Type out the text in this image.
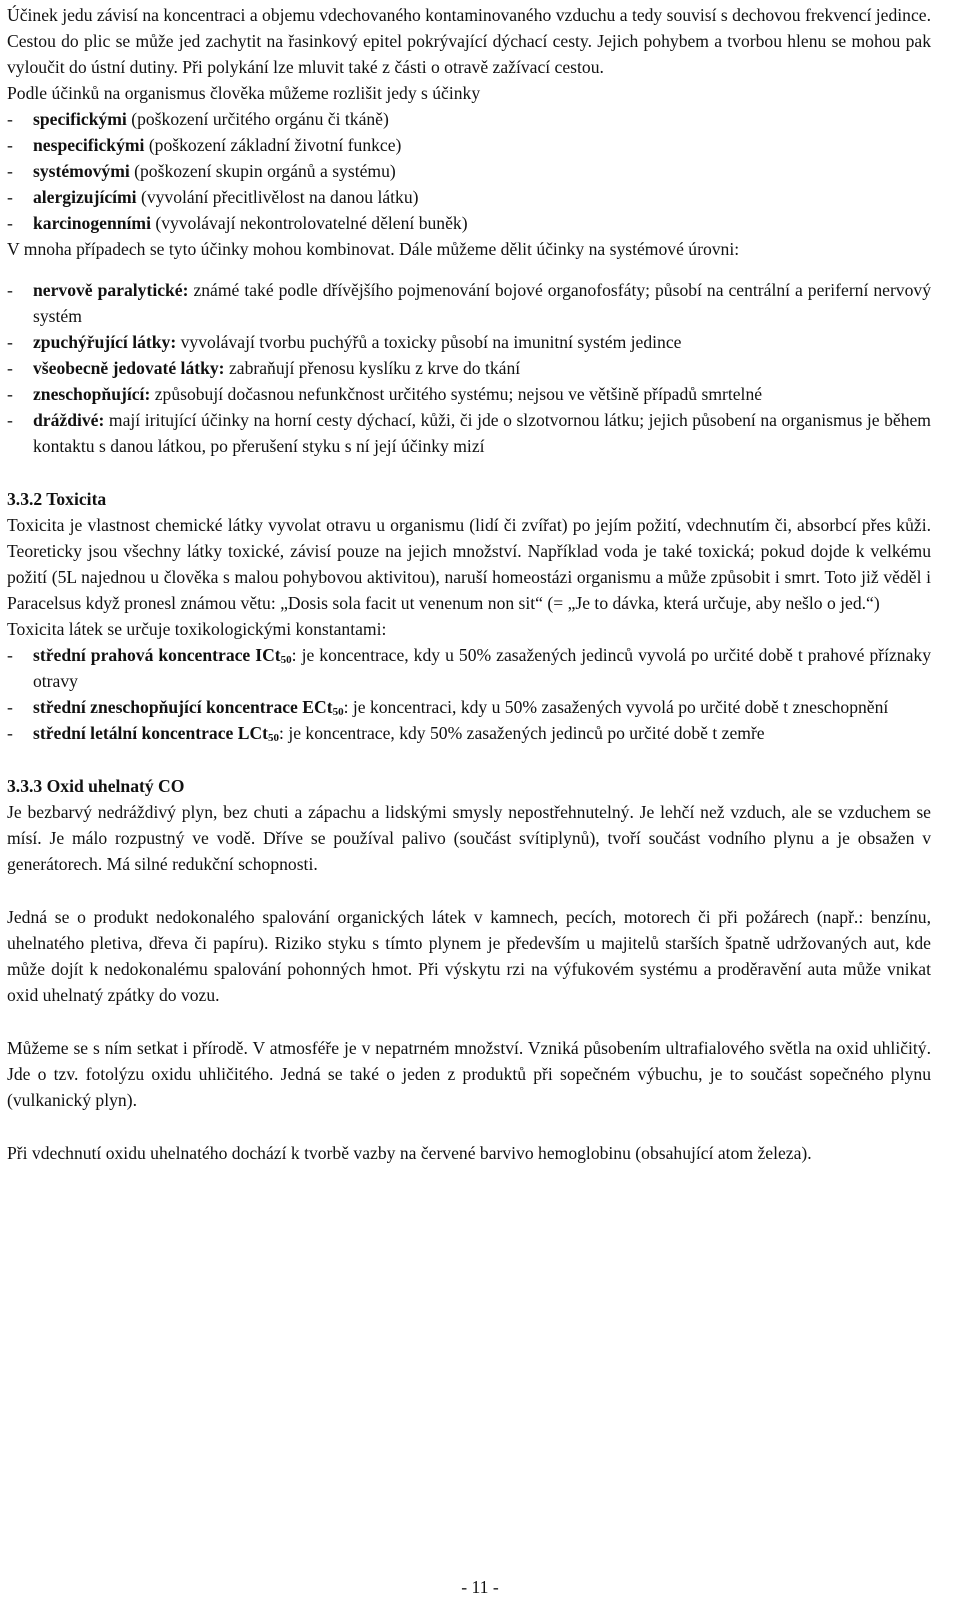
Účinek jedu závisí na koncentraci a objemu vdechovaného kontaminovaného vzduchu a tedy souvisí s dechovou frekvencí jedince. Cestou do plic se může jed zachytit na řasinkový epitel pokrývající dýchací cesty. Jejich pohybem a tvorbou hlenu se mohou pak vyloučit do ústní dutiny. Při polykání lze mluvit také z části o otravě zažívací cestou.

Podle účinků na organismus člověka můžeme rozlišit jedy s účinky

- specifickými (poškození určitého orgánu či tkáně)
- nespecifickými (poškození základní životní funkce)
- systémovými (poškození skupin orgánů a systému)
- alergizujícími (vyvolání přecitlivělost na danou látku)
- karcinogenními (vyvolávají nekontrolovatelné dělení buněk)

V mnoha případech se tyto účinky mohou kombinovat. Dále můžeme dělit účinky na systémové úrovni:

- nervově paralytické: známé také podle dřívějšího pojmenování bojové organofosfáty; působí na centrální a periferní nervový systém
- zpuchýřující látky: vyvolávají tvorbu puchýřů a toxicky působí na imunitní systém jedince
- všeobecně jedovaté látky: zabraňují přenosu kyslíku z krve do tkání
- zneschopňující: způsobují dočasnou nefunkčnost určitého systému; nejsou ve většině případů smrtelné
- dráždivé: mají iritující účinky na horní cesty dýchací, kůži, či jde o slzotvornou látku; jejich působení na organismus je během kontaktu s danou látkou, po přerušení styku s ní její účinky mizí

3.3.2 Toxicita

Toxicita je vlastnost chemické látky vyvolat otravu u organismu (lidí či zvířat) po jejím požití, vdechnutím či, absorbcí přes kůži. Teoreticky jsou všechny látky toxické, závisí pouze na jejich množství. Například voda je také toxická; pokud dojde k velkému požití (5L najednou u člověka s malou pohybovou aktivitou), naruší homeostázi organismu a může způsobit i smrt. Toto již věděl i Paracelsus když pronesl známou větu: „Dosis sola facit ut venenum non sit“ (= „Je to dávka, která určuje, aby nešlo o jed.“)

Toxicita látek se určuje toxikologickými konstantami:

- střední prahová koncentrace ICt$_{50}$: je koncentrace, kdy u 50% zasažených jedinců vyvolá po určité době t prahové příznaky otravy
- střední zneschopňující koncentrace ECt$_{50}$: je koncentraci, kdy u 50% zasažených vyvolá po určité době t zneschopnění
- střední letální koncentrace LCt$_{50}$: je koncentrace, kdy 50% zasažených jedinců po určité době t zemře

3.3.3 Oxid uhelnatý CO

Je bezbarvý nedráždivý plyn, bez chuti a zápachu a lidskými smysly nepostřehnutelný. Je lehčí než vzduch, ale se vzduchem se mísí. Je málo rozpustný ve vodě. Dříve se používal palivo (součást svítiplynů), tvoří součást vodního plynu a je obsažen v generátorech. Má silné redukční schopnosti.

Jedná se o produkt nedokonalého spalování organických látek v kamnech, pecích, motorech či při požárech (např.: benzínu, uhelnatého pletiva, dřeva či papíru). Riziko styku s tímto plynem je především u majitelů starších špatně udržovaných aut, kde může dojít k nedokonalému spalování pohonných hmot. Při výskytu rzi na výfukovém systému a proděravění auta může vnikat oxid uhelnatý zpátky do vozu.

Můžeme se s ním setkat i přírodě. V atmosféře je v nepatrném množství. Vzniká působením ultrafialového světla na oxid uhličitý. Jde o tzv. fotolýzu oxidu uhličitého. Jedná se také o jeden z produktů při sopečném výbuchu, je to součást sopečného plynu (vulkanický plyn).

Při vdechnutí oxidu uhelnatého dochází k tvorbě vazby na červené barvivo hemoglobinu (obsahující atom železa).

- 11 -
